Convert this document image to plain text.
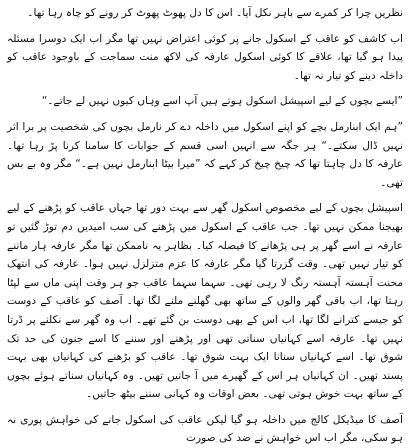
نظریں چرا کر کمرے سے باہر نکل آیا۔ اس کا دل پھوٹ پھوٹ کر رونے کو چاہ رہا تھا۔

اب کاشف کو عاقب کے اسکول جانے پر کوئی اعتراض نہیں تھا مگر اب ایک دوسرا مسئلہ پیدا ہو گیا تھا، علاقے کا کوئی اسکول عارفہ کی لاکھ منت سماجت کے باوجود عاقب کو داخلہ دینے کو تیار نہ تھا۔

”ایسے بچوں کے لیے اسپیشل اسکول ہوتے ہیں آپ اسے وہاں کیوں نہیں لے جاتے۔“

”ہم ایک ابنارمل بچے کو اپنے اسکول میں داخلہ دے کر نارمل بچوں کی شخصیت پر برا اثر نہیں ڈال سکتے۔“ ہر جگہ سے انہیں اسی قسم کے جوابات کا سامنا کرنا پڑ رہا تھا۔ عارفہ کا دل چاہتا تھا کہ چیخ چیخ کر کہے کہ ”میرا بیٹا ابنارمل نہیں ہے۔“ مگر وہ بے بس تھی۔

اسپیشل بچوں کے لیے مخصوص اسکول گھر سے بہت دور تھا جہاں عاقب کو پڑھنے کے لیے بھیجنا ممکن نہیں تھا۔ جب عاقب کے اسکول میں پڑھنے کی سب امیدیں دم توڑ گئیں تو عارفہ نے اسے گھر پر ہی پڑھانے کا فیصلہ کیا۔ بظاہر یہ ناممکن تھا مگر عارفہ ہار ماننے کو تیار نہیں تھی۔ وقت گزرتا گیا مگر عارفہ کا عزم متزلزل نہیں ہوا۔ عارفہ کی انتھک محنت آہستہ آہستہ رنگ لا رہی تھی۔ سہما سہما عاقب جو ہر وقت اپنی ماں سے لپٹا رہتا تھا، اب باقی گھر والوں کے ساتھ بھی گھلنے ملنے لگا تھا۔ آصف کو عاقب کے دوست کو جیسے کترانے لگا تھا، اب اس کے بھی دوست بن گئے تھے۔ اب وہ گھر سے نکلنے پر ڈرتا نہیں تھا۔ عارفہ اسے کہانیاں سناتی تھی اور پڑھنے اور سننے کا اسے جنون کی حد تک شوق تھا۔ اسے کہانیاں سنانا ایک بہت شوق تھا۔ عاقب کو بڑھنے کی کہانیاں بھی بہت پسند تھیں۔ ان کہانیاں ہر اس کے گھیرے میں آ جاتیں تھیں۔ وہ کہانیاں سناتے ہوئے بچوں کے ساتھ بہت خوش ہوتی تھی۔ بعض اوقات وہ کہانی سننے بیٹھ جاتیں۔

آصف کا میڈیکل کالج میں داخلہ ہو گیا لیکن عاقب کی اسکول جانے کی خواہش پوری نہ ہو سکی، مگر اب اس خواہش نے ضد کی صورت
